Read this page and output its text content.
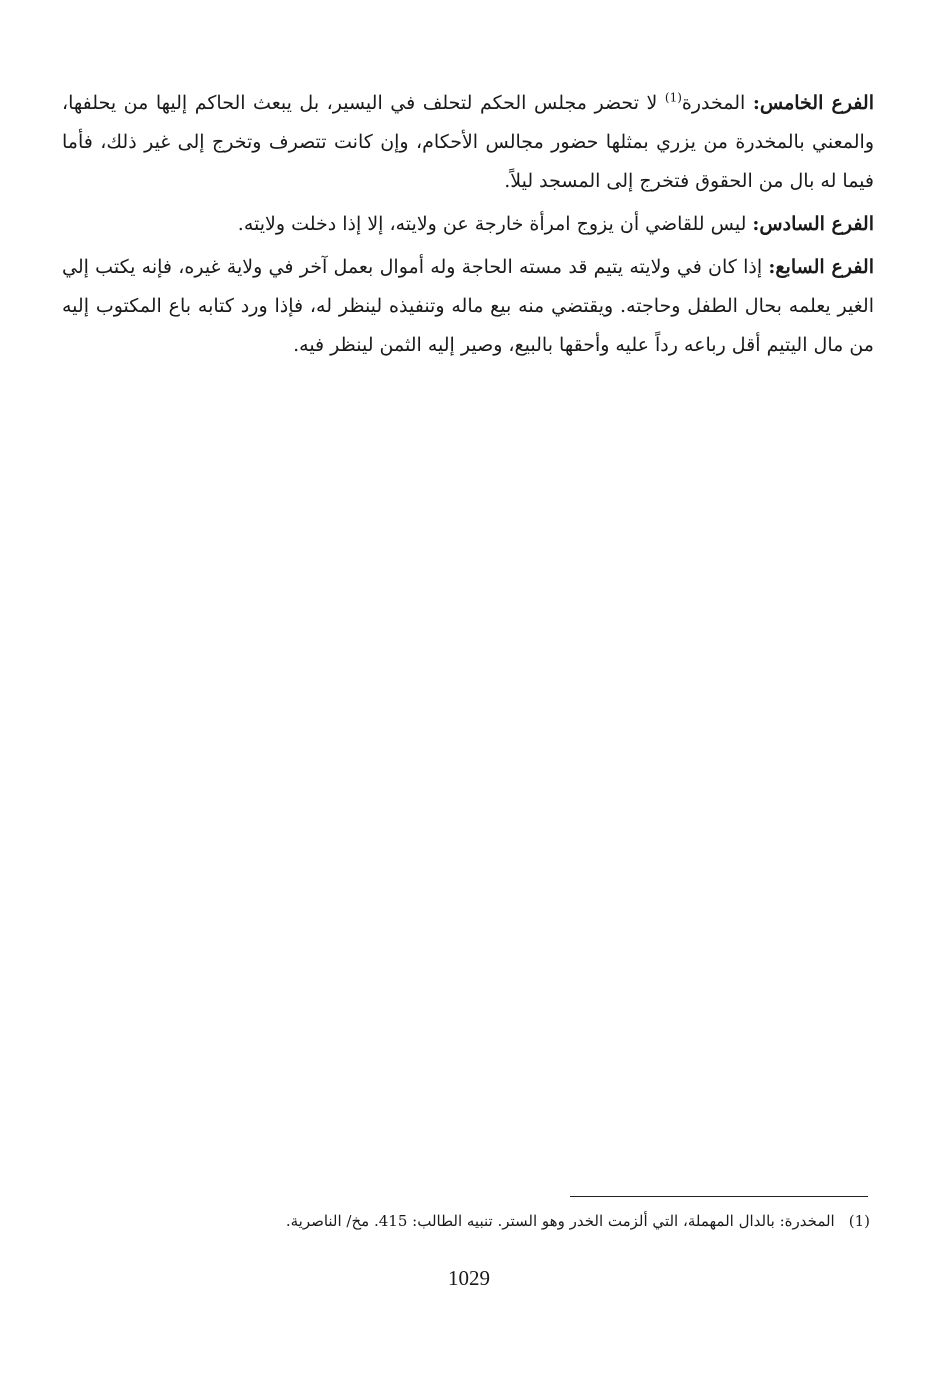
الفرع الخامس: المخدرة$^{(1)}$ لا تحضر مجلس الحكم لتحلف في اليسير، بل يبعث الحاكم إليها من يحلفها، والمعني بالمخدرة من يزري بمثلها حضور مجالس الأحكام، وإن كانت تتصرف وتخرج إلى غير ذلك، فأما فيما له بال من الحقوق فتخرج إلى المسجد ليلاً.

الفرع السادس: ليس للقاضي أن يزوج امرأة خارجة عن ولايته، إلا إذا دخلت ولايته.

الفرع السابع: إذا كان في ولايته يتيم قد مسته الحاجة وله أموال بعمل آخر في ولاية غيره، فإنه يكتب إلي الغير يعلمه بحال الطفل وحاجته. ويقتضي منه بيع ماله وتنفيذه لينظر له، فإذا ورد كتابه باع المكتوب إليه من مال اليتيم أقل رباعه رداً عليه وأحقها بالبيع، وصير إليه الثمن لينظر فيه.

(1)المخدرة: بالدال المهملة، التي ألزمت الخدر وهو الستر. تنبيه الطالب: 415. مخ/ الناصرية.
1029
